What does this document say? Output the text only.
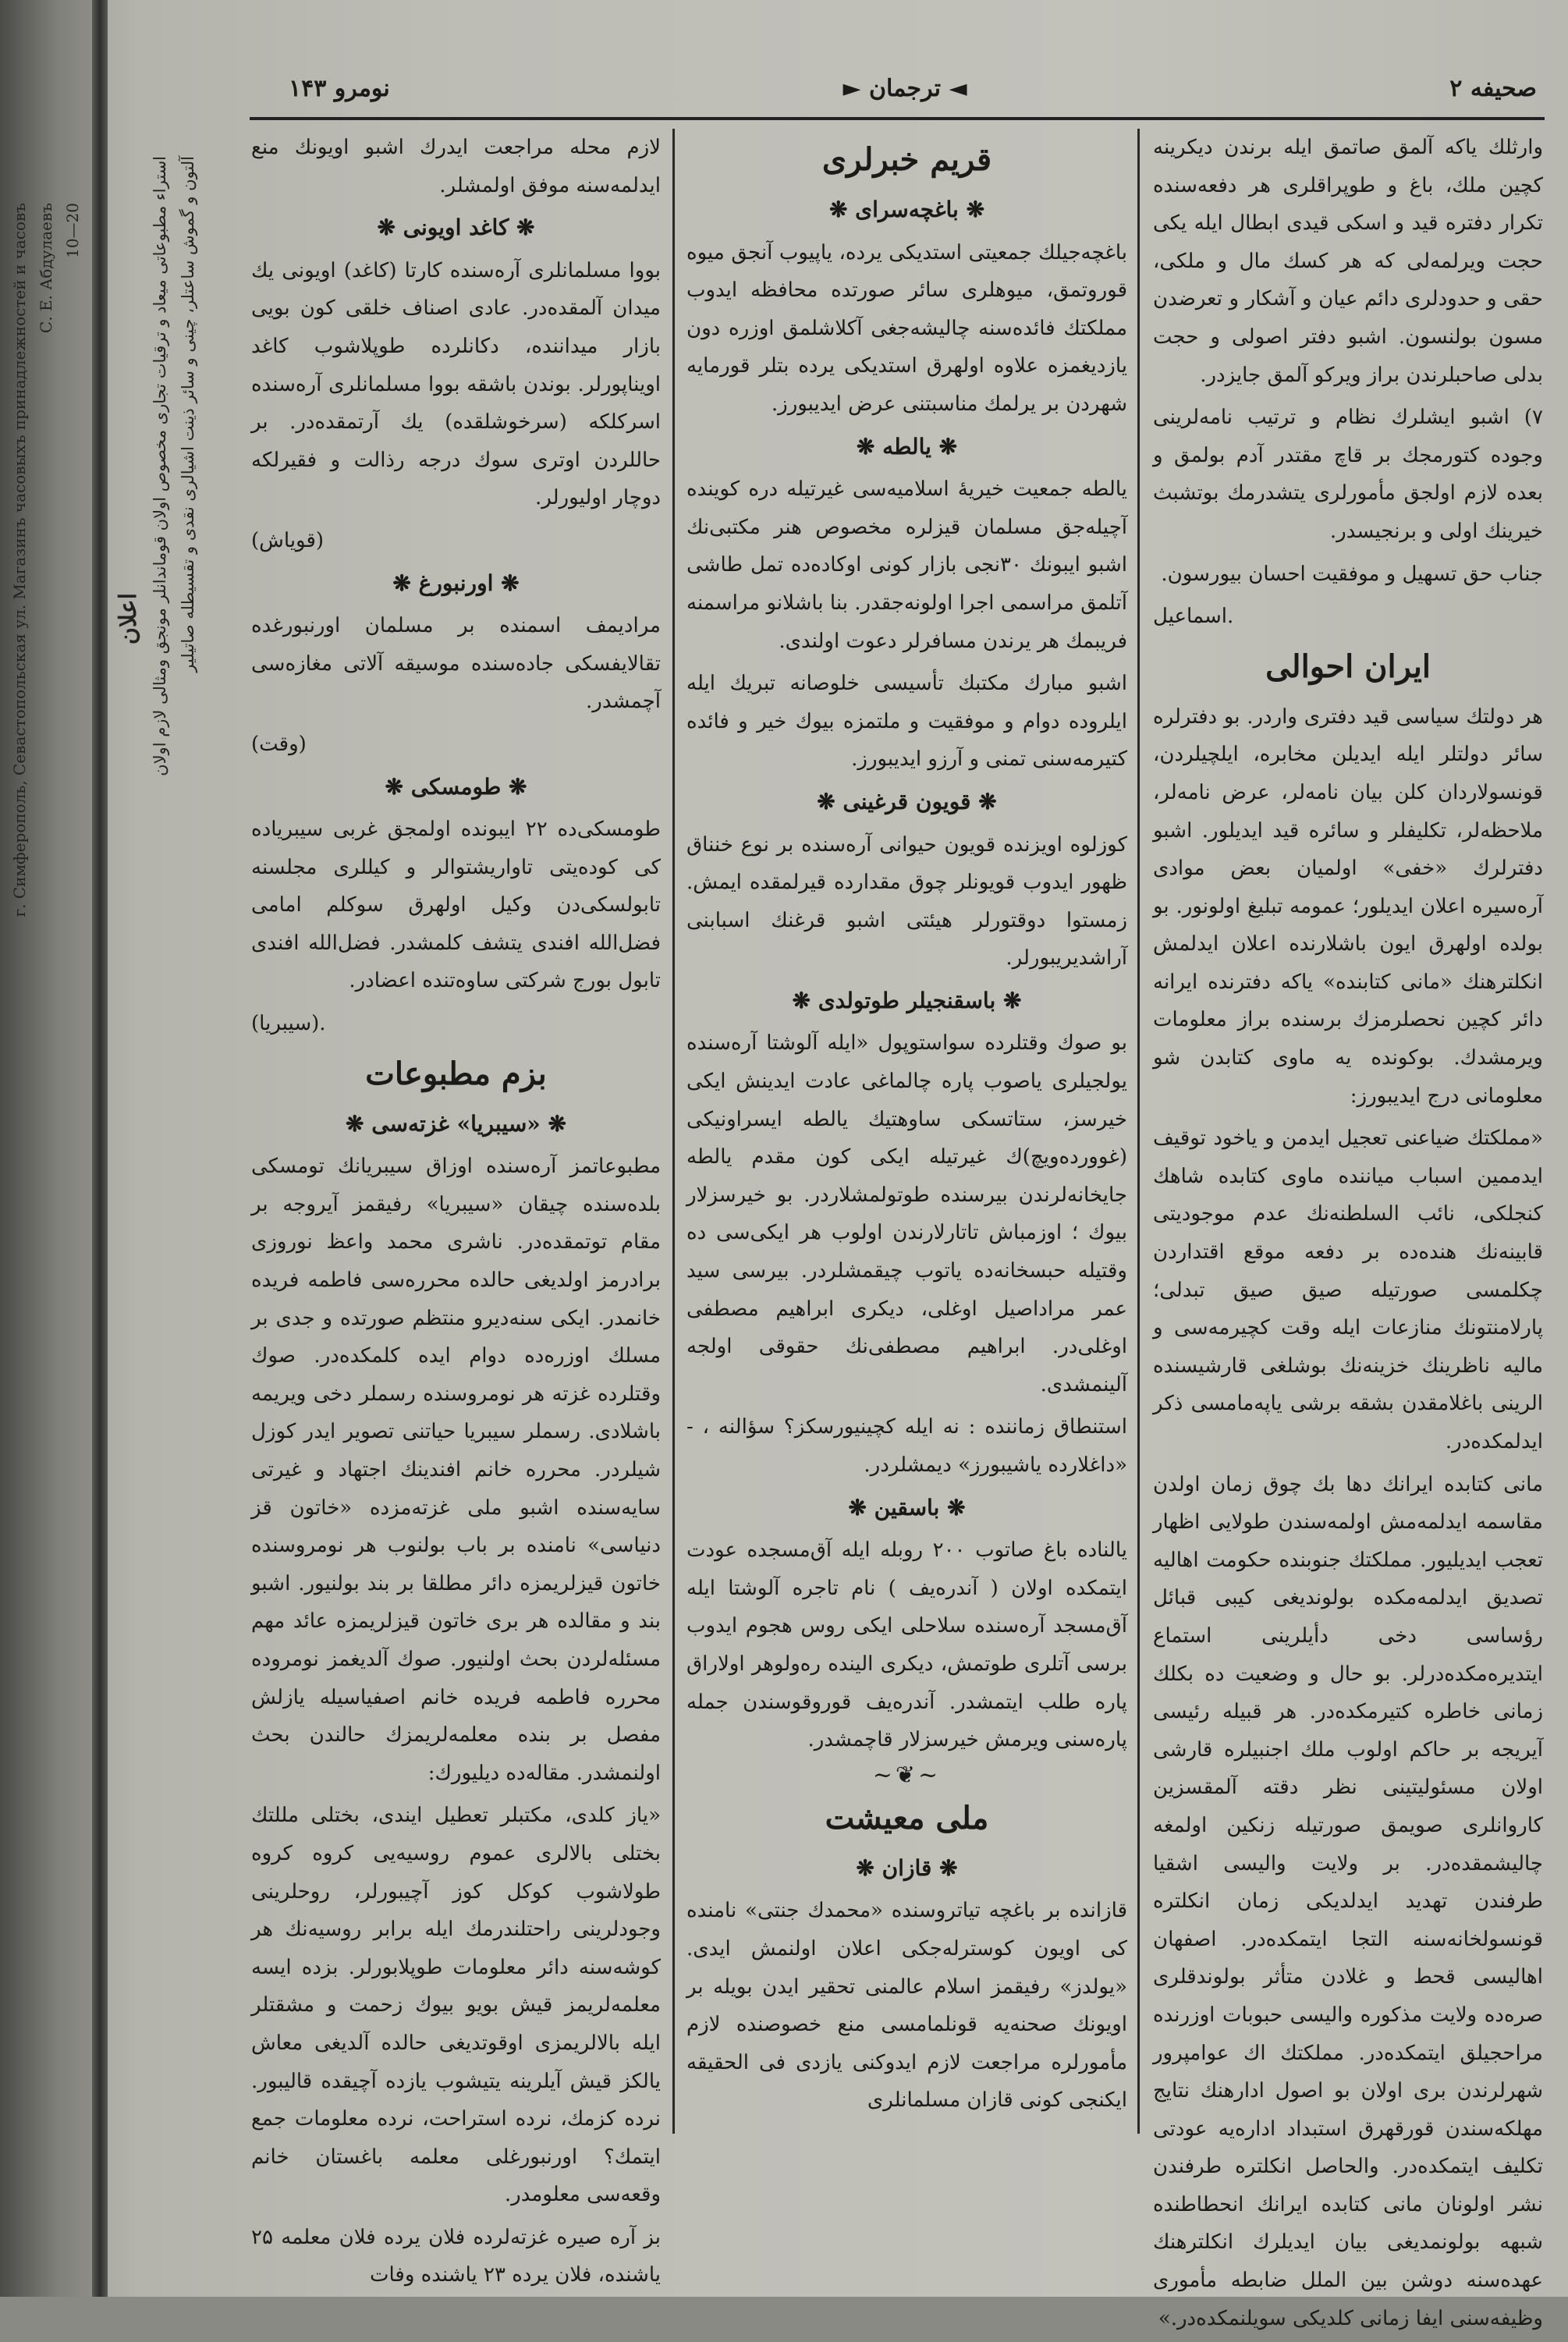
اعلان استراء مطبوعاتی میعاد و ترقیات تجاری مخصوص اولان قوماندانلر مونجق ومثالی لازم اولان آلتون و گموش ساعتلر، چینی و سائر ذینت اشیالری نقدی و تقسیطله صاتیلیر
г. Симферополь, Севастопольская ул. Магазинъ часовыхъ принадлежностей и часовъ С. Е. Абдулаевъ 10—20
صحیفه ۲
◄ ترجمان ►
نومرو ۱۴۳

وارثلك یاكه آلمق صاتمق ایله برندن دیكرینه كچین ملك، باغ و طوپراقلری هر دفعه‌سنده تكرار دفتره قید و اسكی قیدی ابطال ایله یكی حجت ویرلمه‌لی كه هر كسك مال و ملكی، حقی و حدودلری دائم عیان و آشكار و تعرضدن مسون بولنسون. اشبو دفتر اصولی و حجت بدلی صاحبلرندن براز ویركو آلمق جایزدر.

۷) اشبو ایشلرك نظام و ترتیب نامه‌لرینی وجوده كتورمجك بر قاچ مقتدر آدم بولمق و بعده لازم اولجق مأمورلری یتشدرمك بوتشبث خیرینك اولی و برنجیسدر.

جناب حق تسهیل و موفقیت احسان بیورسون.

اسماعیل.

ایران احوالی

هر دولتك سیاسی قید دفتری واردر. بو دفترلره سائر دولتلر ایله ایدیلن مخابره، ایلچیلردن، قونسولاردان كلن بیان نامه‌لر، عرض نامه‌لر، ملاحظه‌لر، تكلیفلر و سائره قید ایدیلور. اشبو دفترلرك «خفی» اولمیان بعض موادی آره‌سیره اعلان ایدیلور؛ عمومه تبلیغ اولونور. بو بولده اولهرق ایون باشلارنده اعلان ایدلمش انكلترهنك «مانی كتابنده» یاكه دفترنده ایرانه دائر كچین نحصلرمزك برسنده براز معلومات ویرمشدك. بوكونده یه ماوی كتابدن شو معلومانی درج ایدیبورز:

«مملكتك ضیاعنی تعجیل ایدمن و یاخود توقیف ایدممین اسباب میاننده ماوی كتابده شاهك كنجلكی، نائب السلطنه‌نك عدم موجودیتی قابینه‌نك هنده‌ده بر دفعه موقع اقتداردن چكلمسی صورتیله صیق صیق تبدلی؛ پارلامنتونك منازعات ایله وقت كچیرمه‌سی و مالیه ناظرینك خزینه‌نك بوشلغی قارشیسنده الرینی باغلامقدن بشقه برشی یاپه‌مامسی ذكر ایدلمكده‌در.

مانی كتابده ایرانك دها بك چوق زمان اولدن مقاسمه ایدلمه‌مش اولمه‌سندن طولایی اظهار تعجب ایدیلیور. مملكتك جنوبنده حكومت اهالیه تصدیق ایدلمه‌مكده بولوندیغی كیبی قبائل رؤساسی دخی دأیلرینی استماع ایتدیره‌مكده‌درلر. بو حال و وضعیت ده بكلك زمانی خاطره كتیرمكده‌در. هر قبیله رئیسی آیریجه بر حاكم اولوب ملك اجنبیلره قارشی اولان مسئولیتینی نظر دقته آلمقسزین كاروانلری صویمق صورتیله زنكین اولمغه چالیشمقده‌در. بر ولایت والیسی اشقیا طرفندن تهدید ایدلدیكی زمان انكلتره قونسولخانه‌سنه التجا ایتمكده‌در. اصفهان اهالیسی قحط و غلادن متأثر بولوندقلری صره‌ده ولایت مذكوره والیسی حبوبات اوزرنده مراحجیلق ایتمكده‌در. مملكتك اك عوامپرور شهرلرندن بری اولان بو اصول ادارهنك نتایج مهلكه‌سندن قورقهرق استبداد اداره‌یه عودتی تكلیف ایتمكده‌در. والحاصل انكلتره طرفندن نشر اولونان مانی كتابده ایرانك انحطاطنده شبهه بولونمدیغی بیان ایدیلرك انكلترهنك عهده‌سنه دوشن بین الملل ضابطه مأموری وظیفه‌سنی ایفا زمانی كلدیكی سویلنمكده‌در.»

قریم خبرلری
❋ باغچه‌سرای ❋

باغچه‌جیلك جمعیتی استدیكی یرده، یاپیوب آنجق میوه قوروتمق، میوهلری سائر صورتده محافظه ایدوب مملكتك فائده‌سنه چالیشه‌جغی آكلاشلمق اوزره دون یازدیغمزه علاوه اولهرق استدیكی یرده بتلر قورمایه شهردن بر یرلمك مناسبتنی عرض ایدیبورز.

❋ یالطه ❋

یالطه جمعیت خیریهٔ اسلامیه‌سی غیرتیله دره كوینده آچیله‌جق مسلمان قیزلره مخصوص هنر مكتبی‌نك اشبو ایبونك ۳۰نجی بازار كونی اوكاده‌ده تمل طاشی آتلمق مراسمی اجرا اولونه‌جقدر. بنا باشلانو مراسمنه فریبمك هر یرندن مسافرلر دعوت اولندی.

اشبو مبارك مكتبك تأسیسی خلوصانه تبریك ایله ایلروده دوام و موفقیت و ملتمزه بیوك خیر و فائده كتیرمه‌سنی تمنی و آرزو ایدیبورز.

❋ قویون قرغینی ❋

كوزلوه اویزنده قویون حیوانی آره‌سنده بر نوع خنناق ظهور ایدوب قویونلر چوق مقدارده قیرلمقده ایمش. زمستوا دوقتورلر هیئتی اشبو قرغنك اسبابنی آراشدیریبورلر.

❋ باسقنجیلر طوتولدی ❋

بو صوك وقتلرده سواستوپول «ایله آلوشتا آره‌سنده یولجیلری یاصوب پاره چالماغی عادت ایدینش ایكی خیرسز، ستاتسكی ساوهتیك یالطه ایسراونیكی (غوورده‌ویچ)ك غیرتیله ایكی كون مقدم یالطه جایخانه‌لرندن بیرسنده طوتولمشلاردر. بو خیرسزلار بیوك ؛ اوزمباش تاتارلارندن اولوب هر ایكی‌سی ده وقتیله حبسخانه‌ده یاتوب چیقمشلردر. بیرسی سید عمر مراداصیل اوغلی، دیكری ابراهیم مصطفی اوغلی‌در. ابراهیم مصطفی‌نك حقوقی اولجه آلینمشدی.

استنطاق زماننده : نه ایله كچینیورسكز؟ سؤالنه ، - «داغلارده یاشیبورز» دیمشلردر.

❋ باسقین ❋

یالناده باغ صاتوب ۲۰۰ روبله ایله آق‌مسجده عودت ایتمكده اولان ( آندره‌یف ) نام تاجره آلوشتا ایله آق‌مسجد آره‌سنده سلاحلی ایكی روس هجوم ایدوب برسی آتلری طوتمش، دیكری الینده ره‌ولوهر اولاراق پاره طلب ایتمشدر. آندره‌یف قوروقوسندن جمله پاره‌سنی ویرمش خیرسزلار قاچمشدر.

~❦~
ملی معیشت
❋ قازان ❋

قازانده بر باغچه تیاتروسنده «محمدك جنتی» نامنده كی اویون كوسترله‌جكی اعلان اولنمش ایدی. «یولدز» رفیقمز اسلام عالمنی تحقیر ایدن بویله بر اویونك صحنه‌یه قونلمامسی منع خصوصنده لازم مأمورلره مراجعت لازم ایدوكنی یازدی فی الحقیقه ایكنجی كونی قازان مسلمانلری

لازم محله مراجعت ایدرك اشبو اویونك منع ایدلمه‌سنه موفق اولمشلر.

❋ كاغد اویونی ❋

بووا مسلمانلری آره‌سنده كارتا (كاغد) اویونی یك میدان آلمقده‌در. عادی اصناف خلقی كون بویی بازار میداننده، دكانلرده طوپلاشوب كاغد اویناپورلر. بوندن باشقه بووا مسلمانلری آره‌سنده اسركلكه (سرخوشلقده) یك آرتمقده‌در. بر حاللردن اوتری سوك درجه رذالت و فقیرلكه دوچار اولیورلر.

(قویاش)

❋ اورنبورغ ❋

مرادیمف اسمنده بر مسلمان اورنبورغده تقالایفسكی جاده‌سنده موسیقه آلاتی مغازه‌سی آچمشدر.

(وقت)

❋ طومسكی ❋

طومسكی‌ده ۲۲ ایبونده اولمجق غربی سیبریاده كی كوده‌یتی تاواریشتوالر و كیللری مجلسنه تابولسكی‌دن وكیل اولهرق سوكلم امامی فضل‌الله افندی یتشف كلمشدر. فضل‌الله افندی تابول بورج شركتی ساوه‌تنده اعضادر.

(سیبریا).

بزم مطبوعات
❋ «سیبریا» غزته‌سی ❋

مطبوعاتمز آره‌سنده اوزاق سیبریانك تومسكی بلده‌سنده چیقان «سیبریا» رفیقمز آیروجه بر مقام توتمقده‌در. ناشری محمد واعظ نوروزی برادرمز اولدیغی حالده محرره‌سی فاطمه فریده خانمدر. ایكی سنه‌دیرو منتظم صورتده و جدی بر مسلك اوزره‌ده دوام ایده كلمكده‌در. صوك وقتلرده غزته هر نومروسنده رسملر دخی ویریمه باشلادی. رسملر سیبریا حیاتنی تصویر ایدر كوزل شیلردر. محرره خانم افندینك اجتهاد و غیرتی سایه‌سنده اشبو ملی غزته‌مزده «خاتون قز دنیاسی» نامنده بر باب بولنوب هر نومروسنده خاتون قیزلریمزه دائر مطلقا بر بند بولنیور. اشبو بند و مقالده هر بری خاتون قیزلریمزه عائد مهم مسئله‌لردن بحث اولنیور. صوك آلدیغمز نومروده محرره فاطمه فریده خانم اصفیاسیله یازلش مفصل بر بنده معلمه‌لریمزك حالندن بحث اولنمشدر. مقاله‌ده دیلیورك:

«یاز كلدی، مكتبلر تعطیل ایندی، بختلی مللتك بختلی بالالری عموم روسیه‌یی كروه كروه طولاشوب كوكل كوز آچیبورلر، روحلرینی وجودلرینی راحتلندرمك ایله برابر روسیه‌نك هر كوشه‌سنه دائر معلومات طوپلابورلر. بزده ایسه معلمه‌لریمز قیش بویو بیوك زحمت و مشقتلر ایله بالالریمزی اوقوتدیغی حالده آلدیغی معاش یالكز قیش آیلرینه یتیشوب یازده آچیقده قالیبور. نرده كزمك، نرده استراحت، نرده معلومات جمع ایتمك؟ اورنبورغلی معلمه باغستان خانم وقعه‌سی معلومدر.

بز آره صیره غزته‌لرده فلان یرده فلان معلمه ۲۵ یاشنده، فلان یرده ۲۳ یاشنده وفات
